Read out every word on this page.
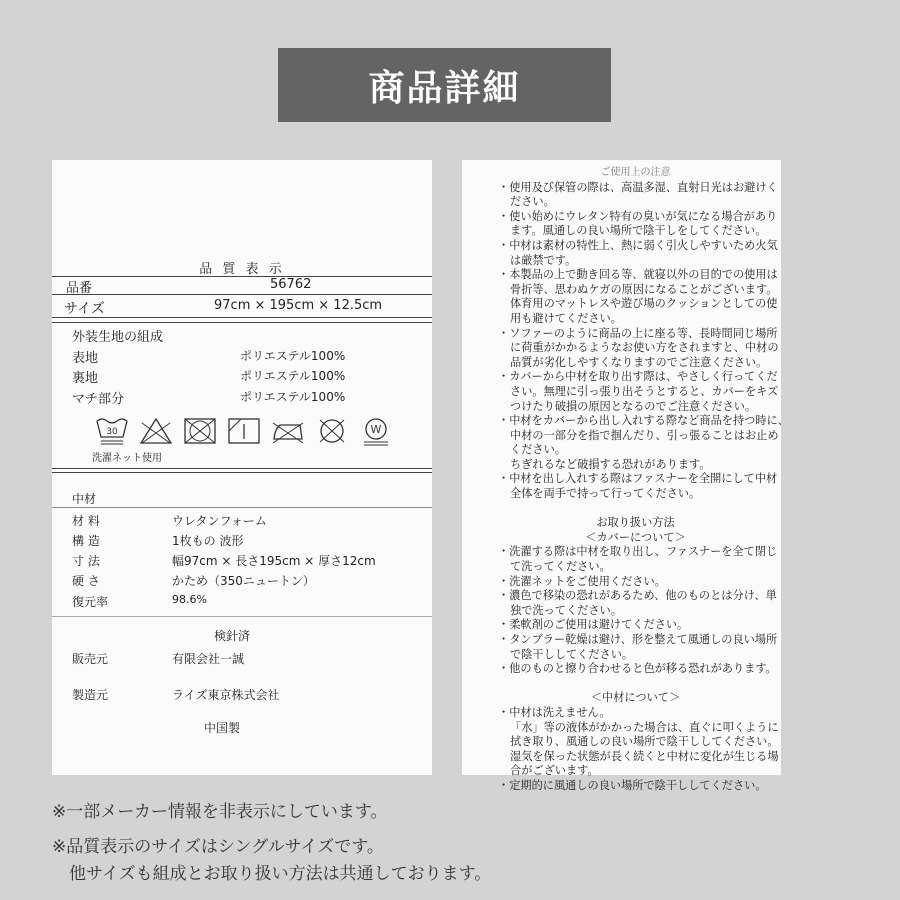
商品詳細
品 質 表 示
品番	56762
サイズ	97cm × 195cm × 12.5cm
外装生地の組成
表地	ポリエステル100%
裏地	ポリエステル100%
マチ部分	ポリエステル100%
30	W
洗濯ネット使用
中材
材 料	ウレタンフォーム
構 造	1枚もの 波形
寸 法	幅97cm × 長さ195cm × 厚さ12cm
硬 さ	かため（350ニュートン）
復元率	98.6%
検針済
販売元	有限会社一誠
製造元	ライズ東京株式会社
中国製
ご使用上の注意
・使用及び保管の際は、高温多湿、直射日光はお避けく
ださい。
・使い始めにウレタン特有の臭いが気になる場合があり
ます。風通しの良い場所で陰干しをしてください。
・中材は素材の特性上、熱に弱く引火しやすいため火気
は厳禁です。
・本製品の上で動き回る等、就寝以外の目的での使用は
骨折等、思わぬケガの原因になることがございます。
体育用のマットレスや遊び場のクッションとしての使
用も避けてください。
・ソファーのように商品の上に座る等、長時間同じ場所
に荷重がかかるようなお使い方をされますと、中材の
品質が劣化しやすくなりますのでご注意ください。
・カバーから中材を取り出す際は、やさしく行ってくだ
さい。無理に引っ張り出そうとすると、カバーをキズ
つけたり破損の原因となるのでご注意ください。
・中材をカバーから出し入れする際など商品を持つ時に、
中材の一部分を指で掴んだり、引っ張ることはお止め
ください。
ちぎれるなど破損する恐れがあります。
・中材を出し入れする際はファスナーを全開にして中材
全体を両手で持って行ってください。
お取り扱い方法
＜カバーについて＞
・洗濯する際は中材を取り出し、ファスナーを全て閉じ
て洗ってください。
・洗濯ネットをご使用ください。
・濃色で移染の恐れがあるため、他のものとは分け、単
独で洗ってください。
・柔軟剤のご使用は避けてください。
・タンブラー乾燥は避け、形を整えて風通しの良い場所
で陰干ししてください。
・他のものと擦り合わせると色が移る恐れがあります。
＜中材について＞
・中材は洗えません。
「水」等の液体がかかった場合は、直ぐに叩くように
拭き取り、風通しの良い場所で陰干ししてください。
湿気を保った状態が長く続くと中材に変化が生じる場
合がございます。
・定期的に風通しの良い場所で陰干ししてください。
※一部メーカー情報を非表示にしています。
※品質表示のサイズはシングルサイズです。
　他サイズも組成とお取り扱い方法は共通しております。
